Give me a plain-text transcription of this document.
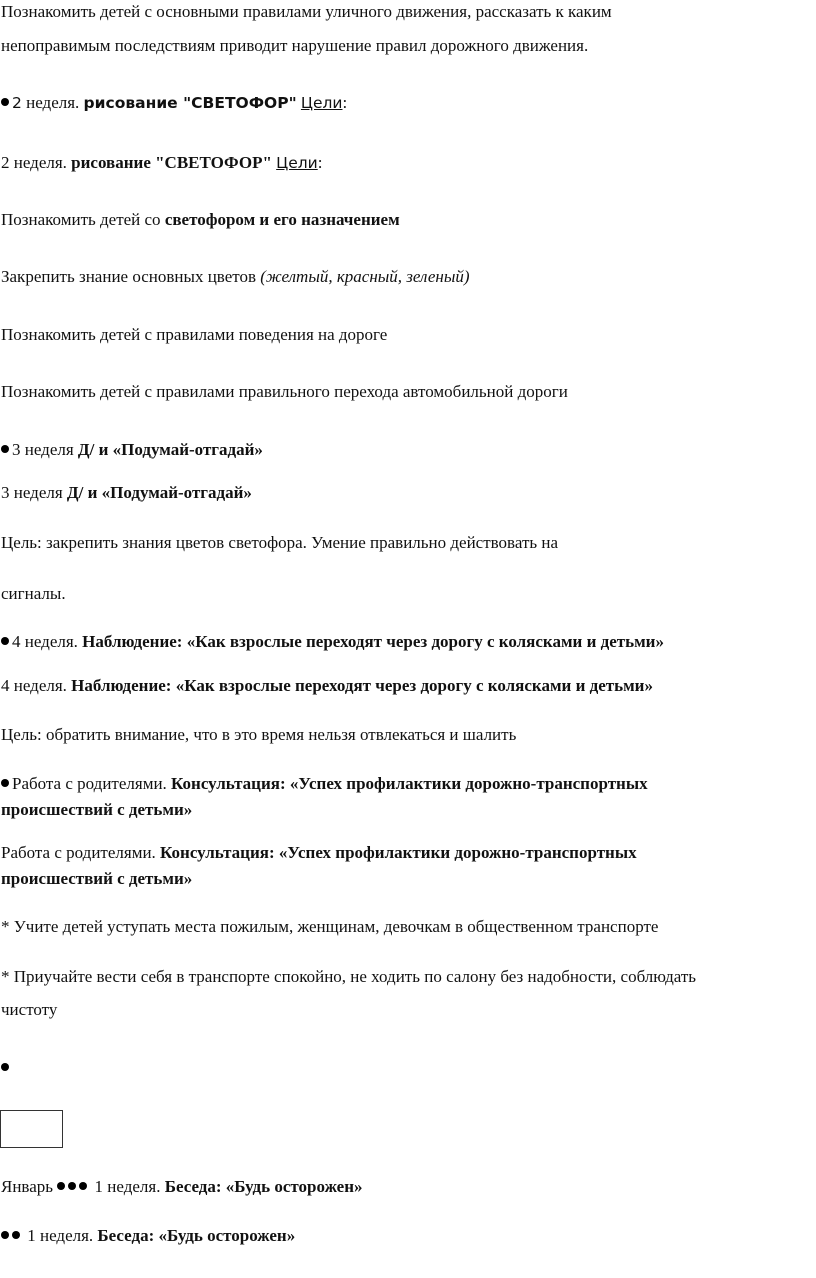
Познакомить детей с основными правилами уличного движения, рассказать к каким
непоправимым последствиям приводит нарушение правил дорожного движения.
2 неделя. рисование "СВЕТОФОР" Цели:
2 неделя. рисование "СВЕТОФОР" Цели:
Познакомить детей со светофором и его назначением
Закрепить знание основных цветов (желтый, красный, зеленый)
Познакомить детей с правилами поведения на дороге
Познакомить детей с правилами правильного перехода автомобильной дороги
3 неделя Д/ и «Подумай-отгадай»
3 неделя Д/ и «Подумай-отгадай»
Цель: закрепить знания цветов светофора. Умение правильно действовать на
сигналы.
4 неделя. Наблюдение: «Как взрослые переходят через дорогу с колясками и детьми»
4 неделя. Наблюдение: «Как взрослые переходят через дорогу с колясками и детьми»
Цель: обратить внимание, что в это время нельзя отвлекаться и шалить
Работа с родителями. Консультация: «Успех профилактики дорожно-транспортных
происшествий с детьми»
Работа с родителями. Консультация: «Успех профилактики дорожно-транспортных
происшествий с детьми»
* Учите детей уступать места пожилым, женщинам, девочкам в общественном транспорте
* Приучайте вести себя в транспорте спокойно, не ходить по салону без надобности, соблюдать
чистоту
Январь  1 неделя. Беседа: «Будь осторожен»
1 неделя. Беседа: «Будь осторожен»
